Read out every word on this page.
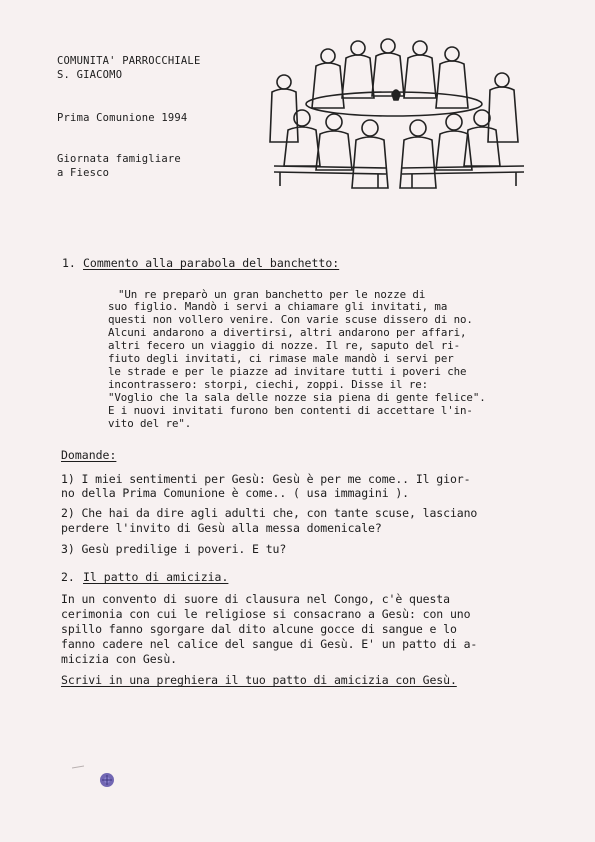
COMUNITA' PARROCCHIALE
S. GIACOMO
Prima Comunione 1994
Giornata famigliare
a Fiesco
1. Commento alla parabola del banchetto:
"Un re preparò un gran banchetto per le nozze di
suo figlio. Mandò i servi a chiamare gli invitati, ma
questi non vollero venire. Con varie scuse dissero di no.
Alcuni andarono a divertirsi, altri andarono per affari,
altri fecero un viaggio di nozze. Il re, saputo del ri-
fiuto degli invitati, ci rimase male mandò i servi per
le strade e per le piazze ad invitare tutti i poveri che
incontrassero: storpi, ciechi, zoppi. Disse il re:
"Voglio che la sala delle nozze sia piena di gente felice".
E i nuovi invitati furono ben contenti di accettare l'in-
vito del re".
Domande:
1) I miei sentimenti per Gesù: Gesù è per me come.. Il gior-
no della Prima Comunione è come.. ( usa immagini ).
2) Che hai da dire agli adulti che, con tante scuse, lasciano
perdere l'invito di Gesù alla messa domenicale?
3) Gesù predilige i poveri. E tu?
2. Il patto di amicizia.
In un convento di suore di clausura nel Congo, c'è questa
cerimonia con cui le religiose si consacrano a Gesù: con uno
spillo fanno sgorgare dal dito alcune gocce di sangue e lo
fanno cadere nel calice del sangue di Gesù. E' un patto di a-
micizia con Gesù.
Scrivi in una preghiera il tuo patto di amicizia con Gesù.
